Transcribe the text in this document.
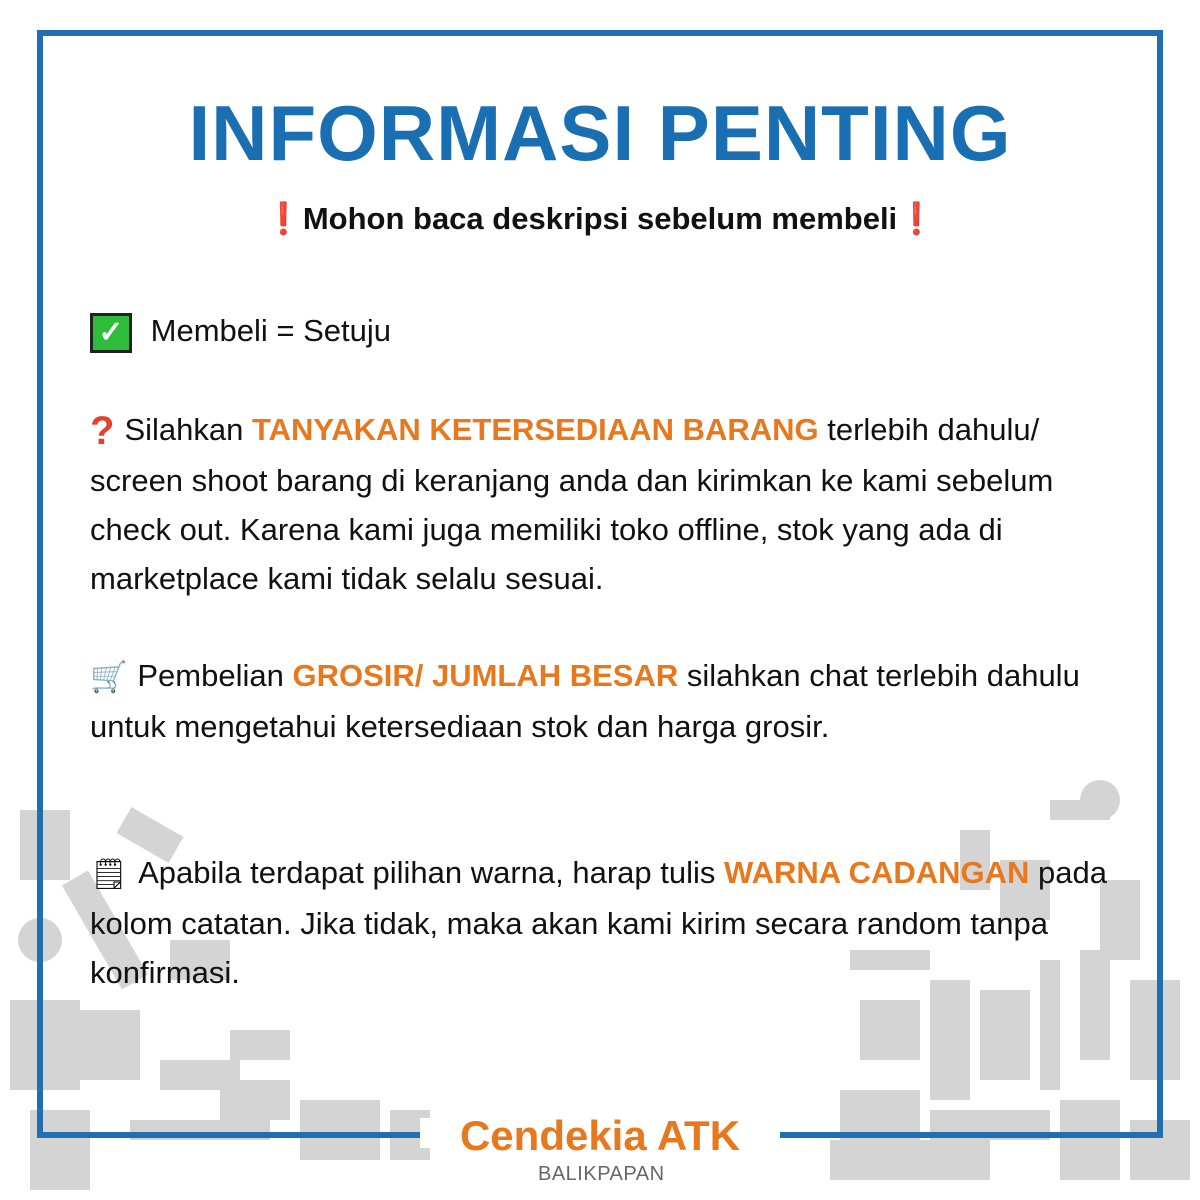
INFORMASI PENTING
❗Mohon baca deskripsi sebelum membeli❗
✓ Membeli = Setuju
? Silahkan TANYAKAN KETERSEDIAAN BARANG terlebih dahulu/ screen shoot barang di keranjang anda dan kirimkan ke kami sebelum check out. Karena kami juga memiliki toko offline, stok yang ada di marketplace kami tidak selalu sesuai.
🛒 Pembelian GROSIR/ JUMLAH BESAR silahkan chat terlebih dahulu untuk mengetahui ketersediaan stok dan harga grosir.
🗒 Apabila terdapat pilihan warna, harap tulis WARNA CADANGAN pada kolom catatan. Jika tidak, maka akan kami kirim secara random tanpa konfirmasi.
Cendekia ATK
BALIKPAPAN
